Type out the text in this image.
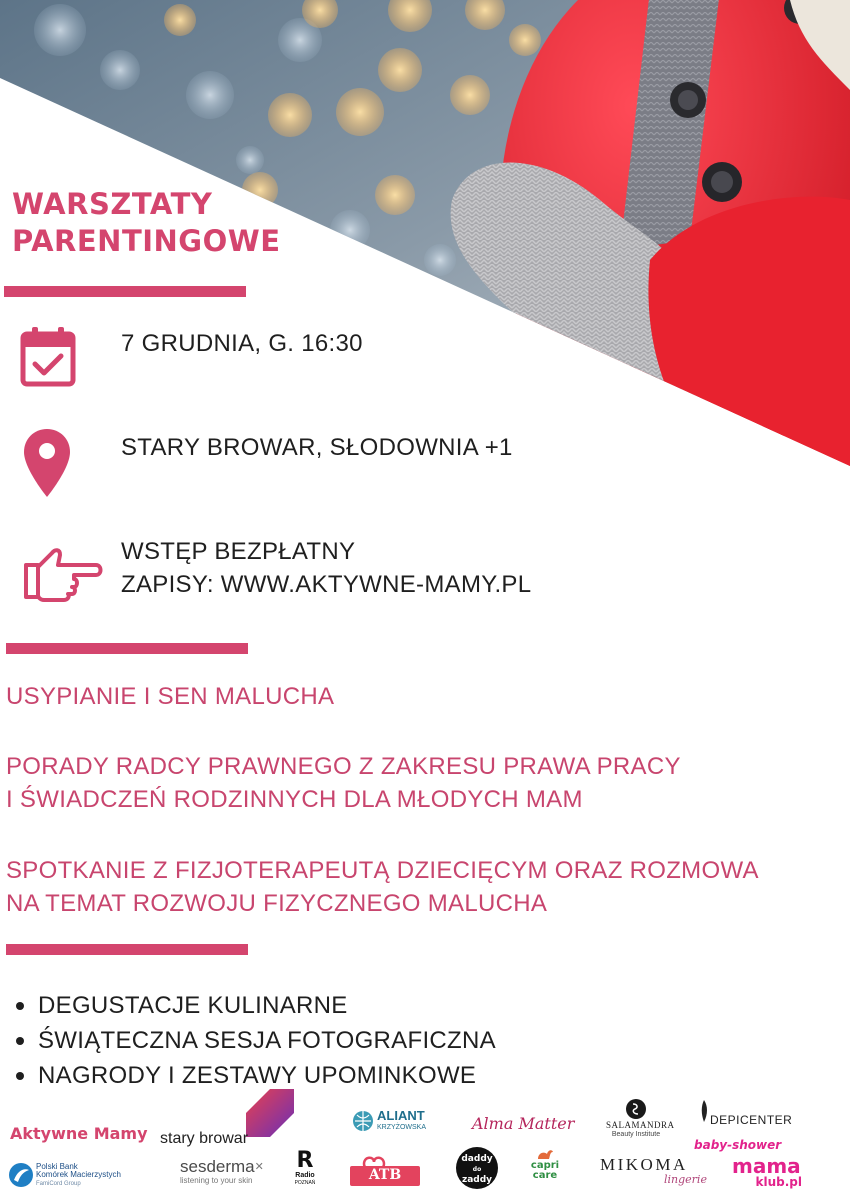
WARSZTATY
PARENTINGOWE

7 GRUDNIA, G. 16:30

STARY BROWAR, SŁODOWNIA +1

WSTĘP BEZPŁATNY

ZAPISY: WWW.AKTYWNE-MAMY.PL

USYPIANIE I SEN MALUCHA

PORADY RADCY PRAWNEGO Z ZAKRESU PRAWA PRACY
I ŚWIADCZEŃ RODZINNYCH DLA MŁODYCH MAM

SPOTKANIE Z FIZJOTERAPEUTĄ DZIECIĘCYM ORAZ ROZMOWA
NA TEMAT ROZWOJU FIZYCZNEGO MALUCHA

DEGUSTACJE KULINARNE
ŚWIĄTECZNA SESJA FOTOGRAFICZNA
NAGRODY I ZESTAWY UPOMINKOWE
Aktywne Mamy
Polski Bank
Komórek Macierzystych
FamiCord Group
stary browar
sesderma✕
listening to your skin
R
Radio
POZNAŃ
ALIANT
KRZYŻOWSKA
ATB
Alma Matter
daddy
do
zaddy
capri
care
SALAMANDRA
Beauty Institute
MIKOMA
lingerie
DEPICENTER
baby-shower
mama
klub.pl
